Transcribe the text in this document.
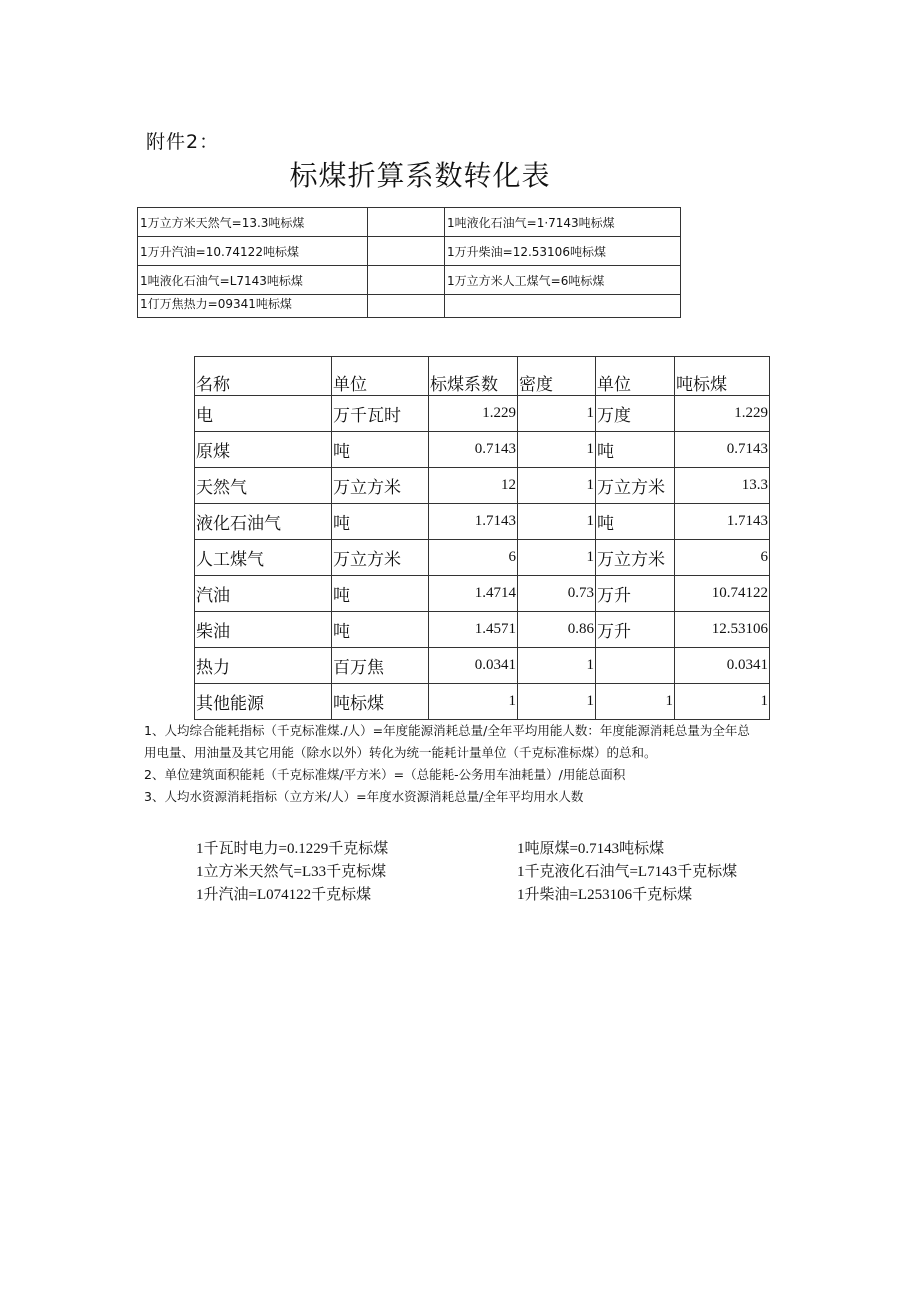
附件2：
标煤折算系数转化表
1万立方米天然气=13.3吨标煤		1吨液化石油气=1·7143吨标煤
1万升汽油=10.74122吨标煤		1万升柴油=12.53106吨标煤
1吨液化石油气=L7143吨标煤		1万立方米人工煤气=6吨标煤
1仃万焦热力=09341吨标煤		
名称	单位	标煤系数	密度	单位	吨标煤
电	万千瓦时	1.229	1	万度	1.229
原煤	吨	0.7143	1	吨	0.7143
天然气	万立方米	12	1	万立方米	13.3
液化石油气	吨	1.7143	1	吨	1.7143
人工煤气	万立方米	6	1	万立方米	6
汽油	吨	1.4714	0.73	万升	10.74122
柴油	吨	1.4571	0.86	万升	12.53106
热力	百万焦	0.0341	1		0.0341
其他能源	吨标煤	1	1	1	1

1、人均综合能耗指标（千克标准煤./人）=年度能源消耗总量/全年平均用能人数：年度能源消耗总量为全年总

用电量、用油量及其它用能（除水以外）转化为统一能耗计量单位（千克标准标煤）的总和。

2、单位建筑面积能耗（千克标准煤/平方米）=（总能耗-公务用车油耗量）/用能总面积

3、人均水资源消耗指标（立方米/人）=年度水资源消耗总量/全年平均用水人数

1千瓦时电力=0.1229千克标煤	1吨原煤=0.7143吨标煤
1立方米天然气=L33千克标煤	1千克液化石油气=L7143千克标煤
1升汽油=L074122千克标煤	1升柴油=L253106千克标煤
